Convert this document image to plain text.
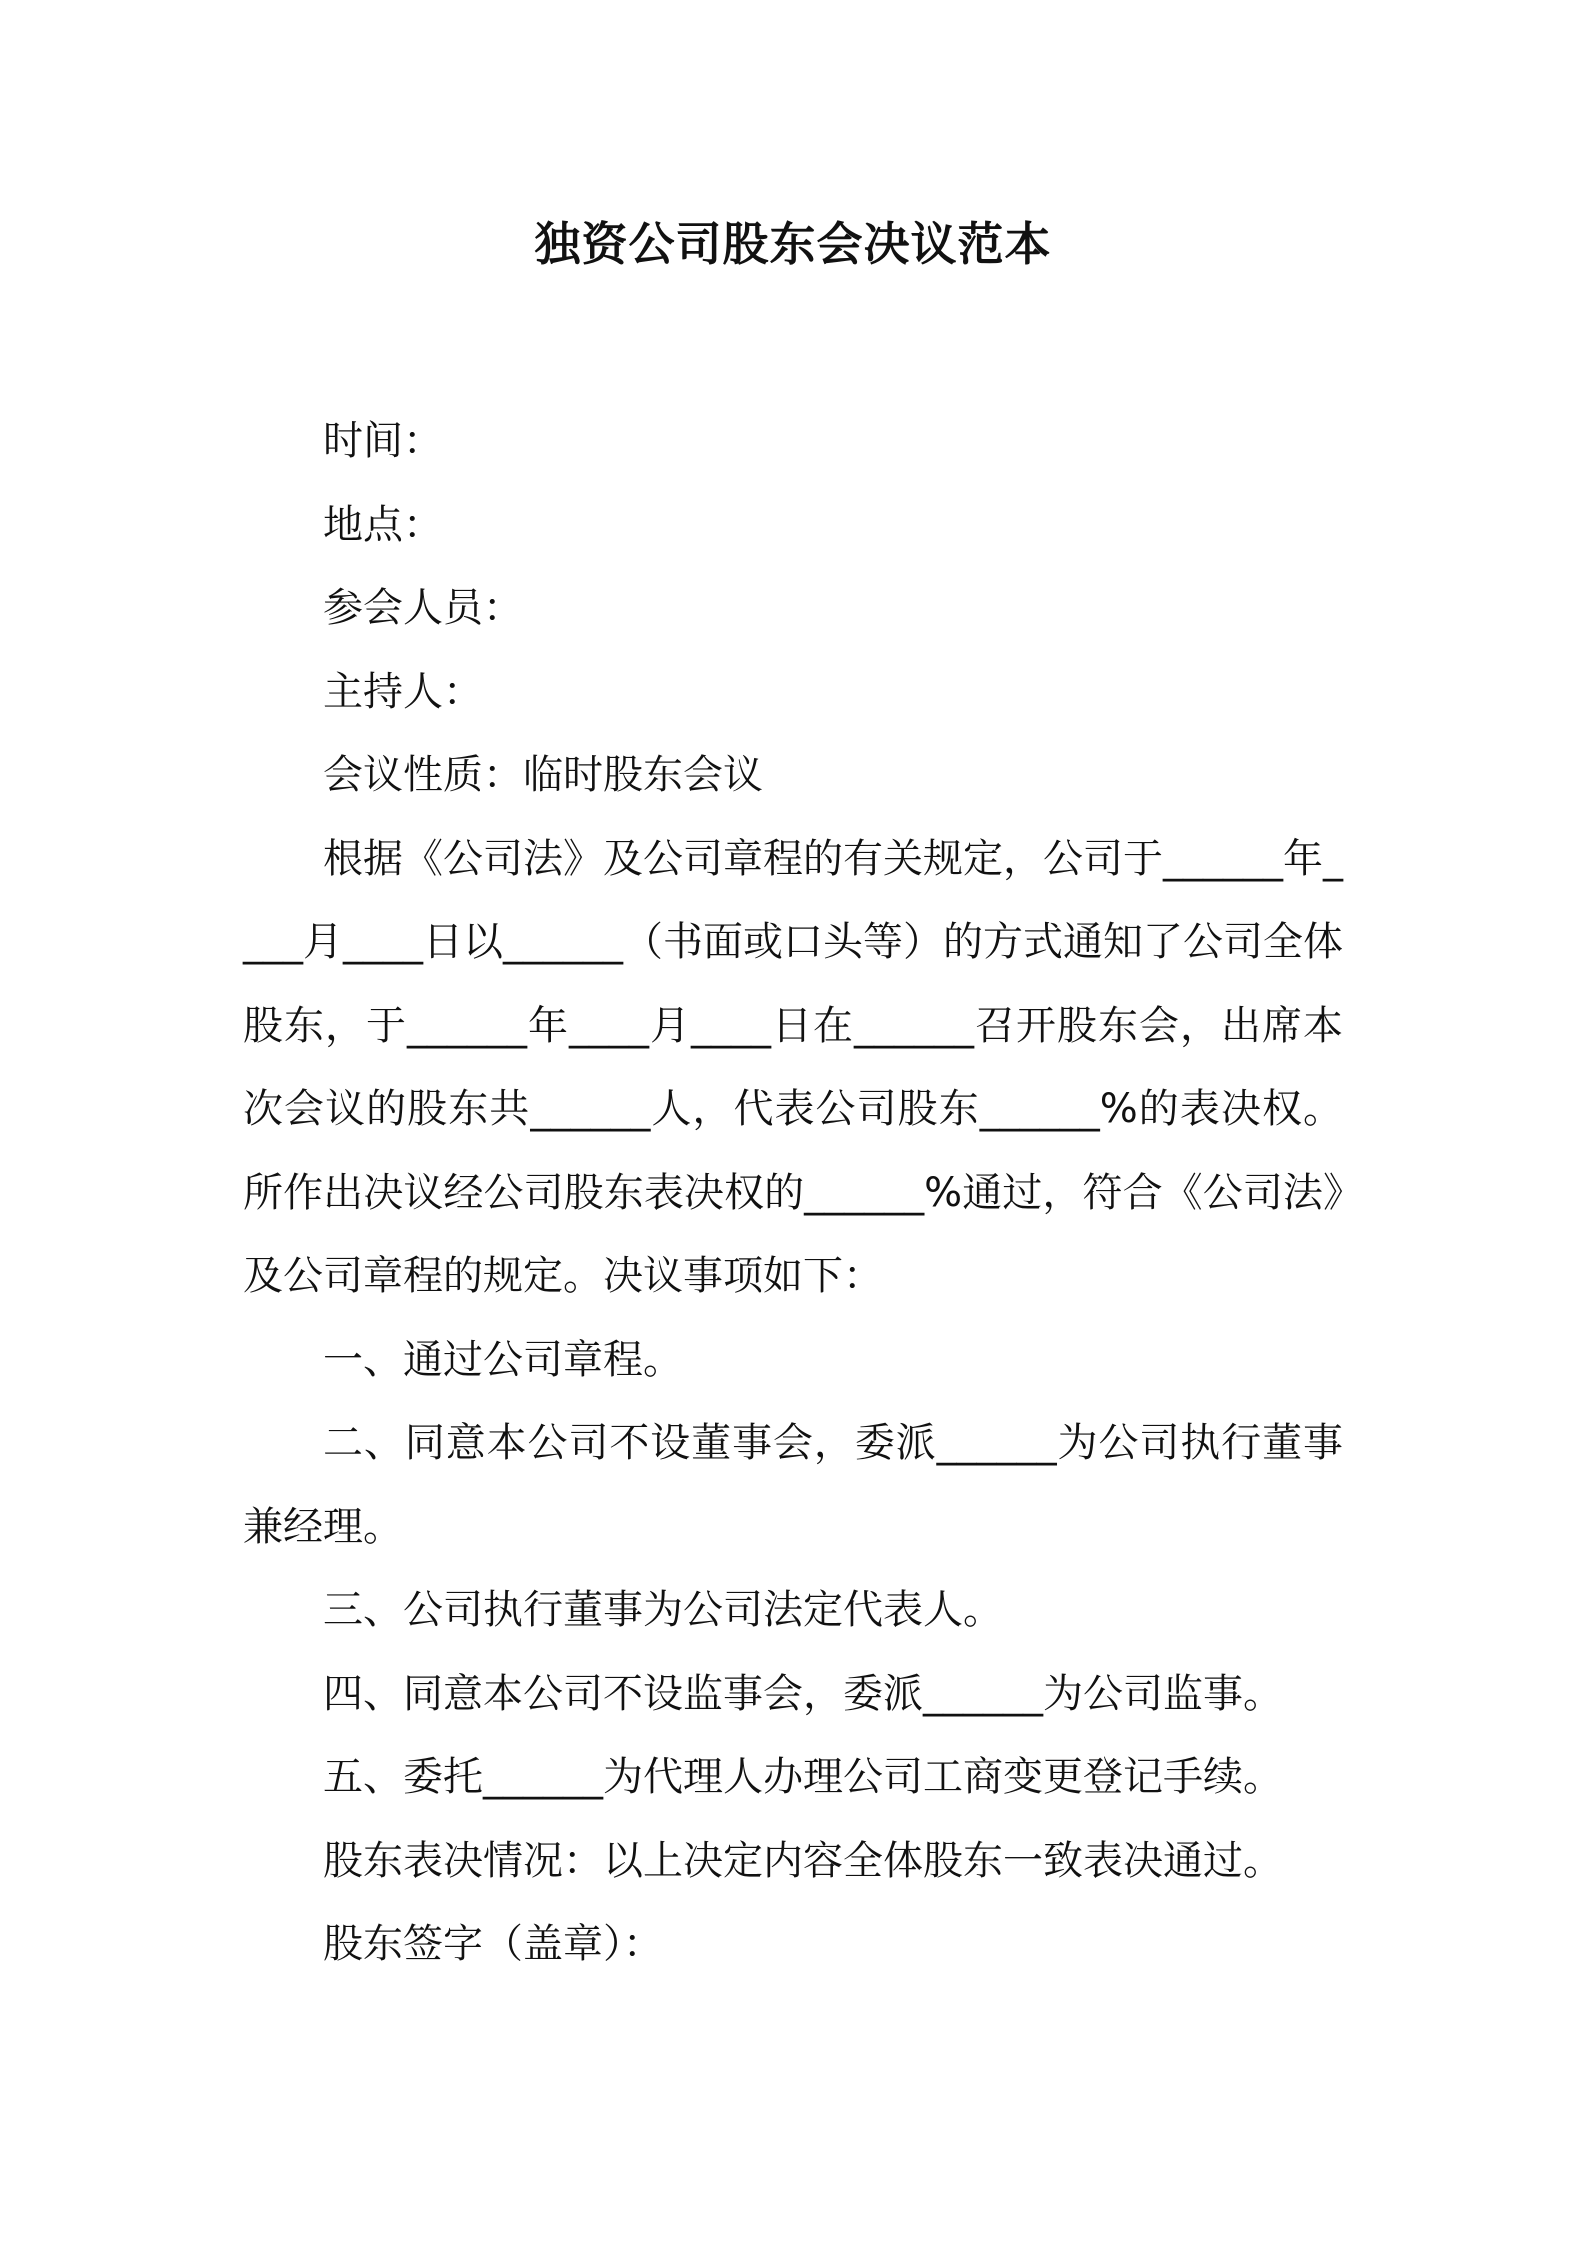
独资公司股东会决议范本

时间：

地点：

参会人员：

主持人：

会议性质：临时股东会议

根据《公司法》及公司章程的有关规定，公司于______年____月____日以______（书面或口头等）的方式通知了公司全体股东，于______年____月____日在______召开股东会，出席本次会议的股东共______人，代表公司股东______%的表决权。所作出决议经公司股东表决权的______%通过，符合《公司法》及公司章程的规定。决议事项如下：

一、通过公司章程。

二、同意本公司不设董事会，委派______为公司执行董事兼经理。

三、公司执行董事为公司法定代表人。

四、同意本公司不设监事会，委派______为公司监事。

五、委托______为代理人办理公司工商变更登记手续。

股东表决情况：以上决定内容全体股东一致表决通过。

股东签字（盖章）：
